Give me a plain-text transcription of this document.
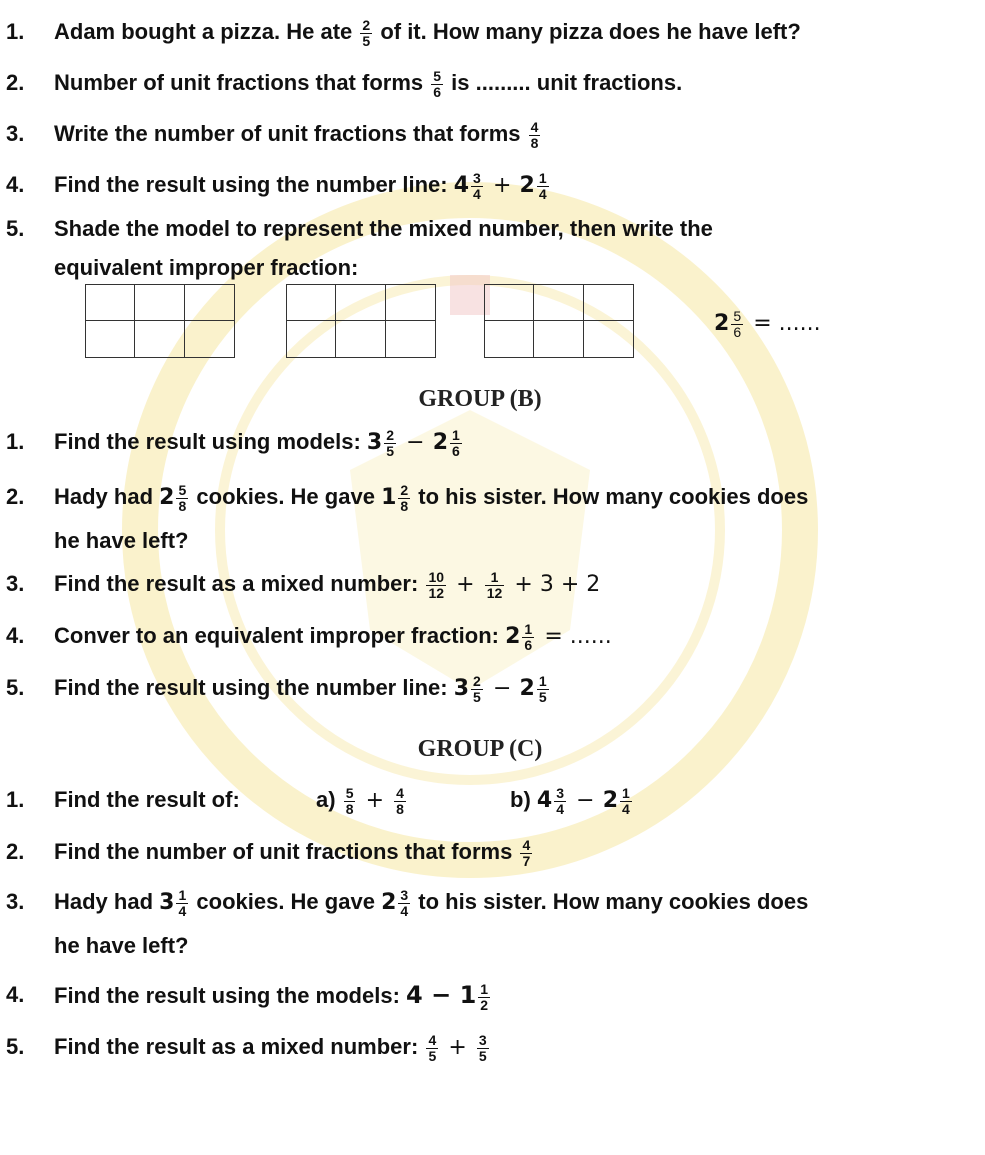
1. Adam bought a pizza. He ate $\frac{2}{5}$ of it. How many pizza does he have left?
2. Number of unit fractions that forms $\frac{5}{6}$ is ......... unit fractions.
3. Write the number of unit fractions that forms $\frac{4}{8}$
4. Find the result using the number line: $4 \frac{3}{4} + 2 \frac{1}{4}$
5. Shade the model to represent the mixed number, then write the
equivalent improper fraction:
$2 \frac{5}{6}$ = ......
GROUP (B)
1. Find the result using models: $3 \frac{2}{5} - 2 \frac{1}{6}$
2. Hady had $2 \frac{5}{8}$ cookies. He gave $1 \frac{2}{8}$ to his sister. How many cookies does
he have left?
3. Find the result as a mixed number: $\frac{10}{12} + \frac{1}{12} + 3 + 2$
4. Conver to an equivalent improper fraction: $2 \frac{1}{6}$ = ......
5. Find the result using the number line: $3 \frac{2}{5} - 2 \frac{1}{5}$
GROUP (C)
1. Find the result of:	$a) \frac{5}{8} + \frac{4}{8}$	b) $4 \frac{3}{4} - 2 \frac{1}{4}$
2. Find the number of unit fractions that forms $\frac{4}{7}$
3. Hady had $3 \frac{1}{4}$ cookies. He gave $2 \frac{3}{4}$ to his sister. How many cookies does
he have left?
4. Find the result using the models: $4 - 1 \frac{1}{2}$
5. Find the result as a mixed number: $\frac{4}{5} + \frac{3}{5}$
